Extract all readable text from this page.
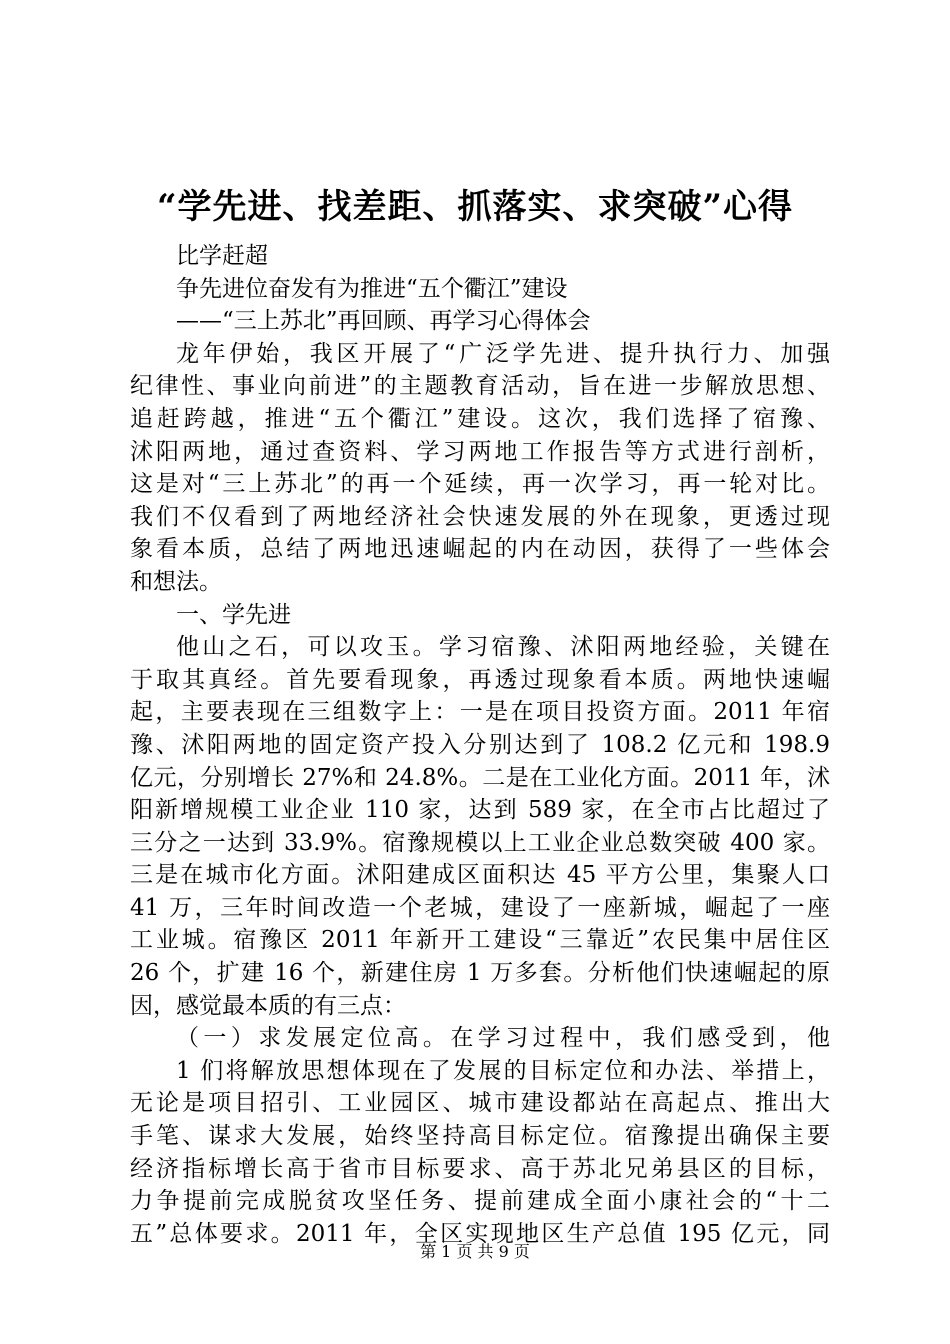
“学先进、找差距、抓落实、求突破”心得
比学赶超
争先进位奋发有为推进“五个衢江”建设
——“三上苏北”再回顾、再学习心得体会
龙年伊始，我区开展了“广泛学先进、提升执行力、加强
纪律性、事业向前进”的主题教育活动，旨在进一步解放思想、
追赶跨越，推进“五个衢江”建设。这次，我们选择了宿豫、
沭阳两地，通过查资料、学习两地工作报告等方式进行剖析，
这是对“三上苏北”的再一个延续，再一次学习，再一轮对比。
我们不仅看到了两地经济社会快速发展的外在现象，更透过现
象看本质，总结了两地迅速崛起的内在动因，获得了一些体会
和想法。
一、学先进
他山之石，可以攻玉。学习宿豫、沭阳两地经验，关键在
于取其真经。首先要看现象，再透过现象看本质。两地快速崛
起，主要表现在三组数字上：一是在项目投资方面。2011 年宿
豫、沭阳两地的固定资产投入分别达到了 108.2 亿元和 198.9
亿元，分别增长 27%和 24.8%。二是在工业化方面。2011 年，沭
阳新增规模工业企业 110 家，达到 589 家，在全市占比超过了
三分之一达到 33.9%。宿豫规模以上工业企业总数突破 400 家。
三是在城市化方面。沭阳建成区面积达 45 平方公里，集聚人口
41 万，三年时间改造一个老城，建设了一座新城，崛起了一座
工业城。宿豫区 2011 年新开工建设“三靠近”农民集中居住区
26 个，扩建 16 个，新建住房 1 万多套。分析他们快速崛起的原
因，感觉最本质的有三点：
（一）求发展定位高。在学习过程中，我们感受到，他
1 们将解放思想体现在了发展的目标定位和办法、举措上，
无论是项目招引、工业园区、城市建设都站在高起点、推出大
手笔、谋求大发展，始终坚持高目标定位。宿豫提出确保主要
经济指标增长高于省市目标要求、高于苏北兄弟县区的目标，
力争提前完成脱贫攻坚任务、提前建成全面小康社会的“十二
五”总体要求。2011 年，全区实现地区生产总值 195 亿元，同
第 1 页 共 9 页
